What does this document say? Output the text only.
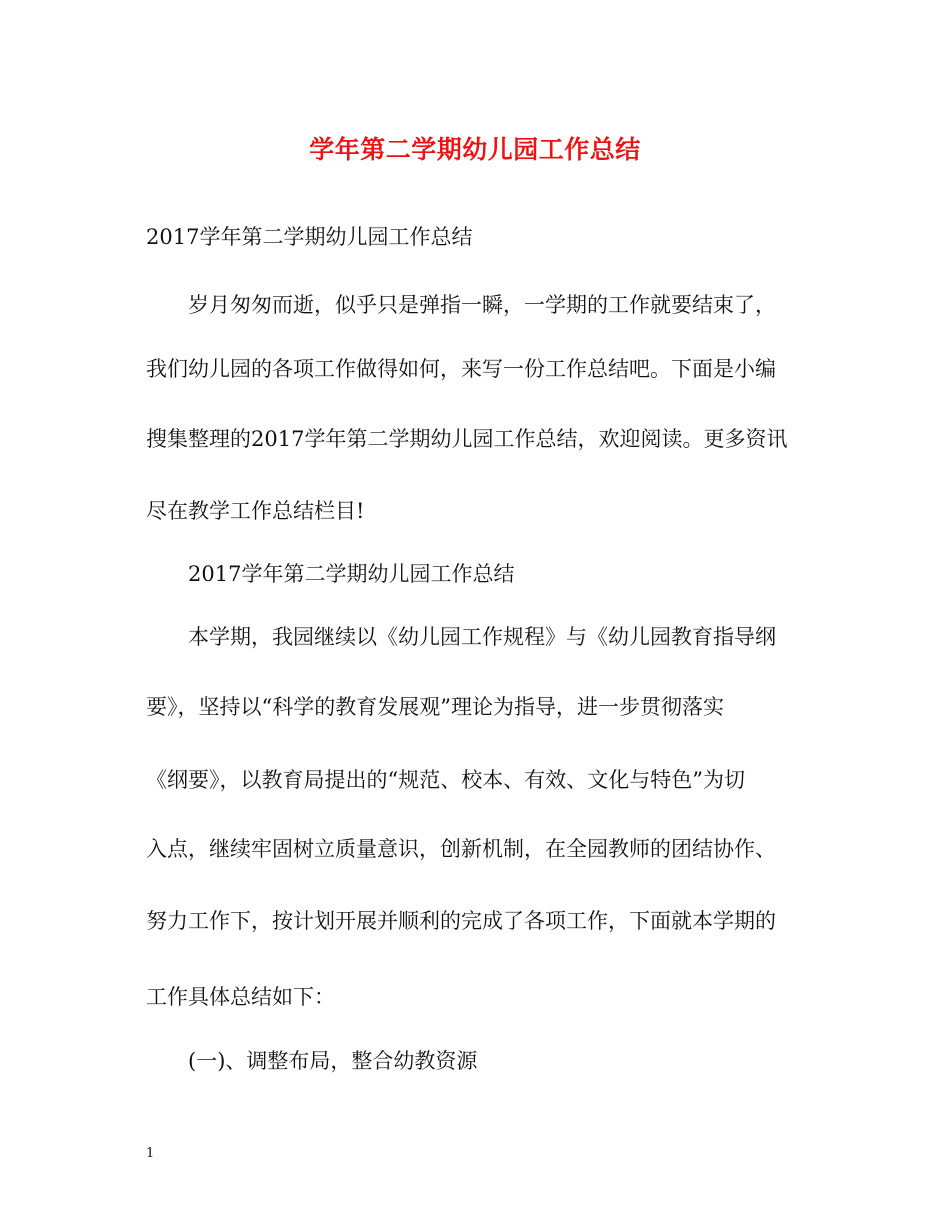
学年第二学期幼儿园工作总结
2017学年第二学期幼儿园工作总结
岁月匆匆而逝，似乎只是弹指一瞬，一学期的工作就要结束了，
我们幼儿园的各项工作做得如何，来写一份工作总结吧。下面是小编
搜集整理的2017学年第二学期幼儿园工作总结，欢迎阅读。更多资讯
尽在教学工作总结栏目!
2017学年第二学期幼儿园工作总结
本学期，我园继续以《幼儿园工作规程》与《幼儿园教育指导纲
要》，坚持以“科学的教育发展观”理论为指导，进一步贯彻落实
《纲要》，以教育局提出的“规范、校本、有效、文化与特色”为切
入点，继续牢固树立质量意识，创新机制，在全园教师的团结协作、
努力工作下，按计划开展并顺利的完成了各项工作，下面就本学期的
工作具体总结如下：
(一)、调整布局，整合幼教资源
1
